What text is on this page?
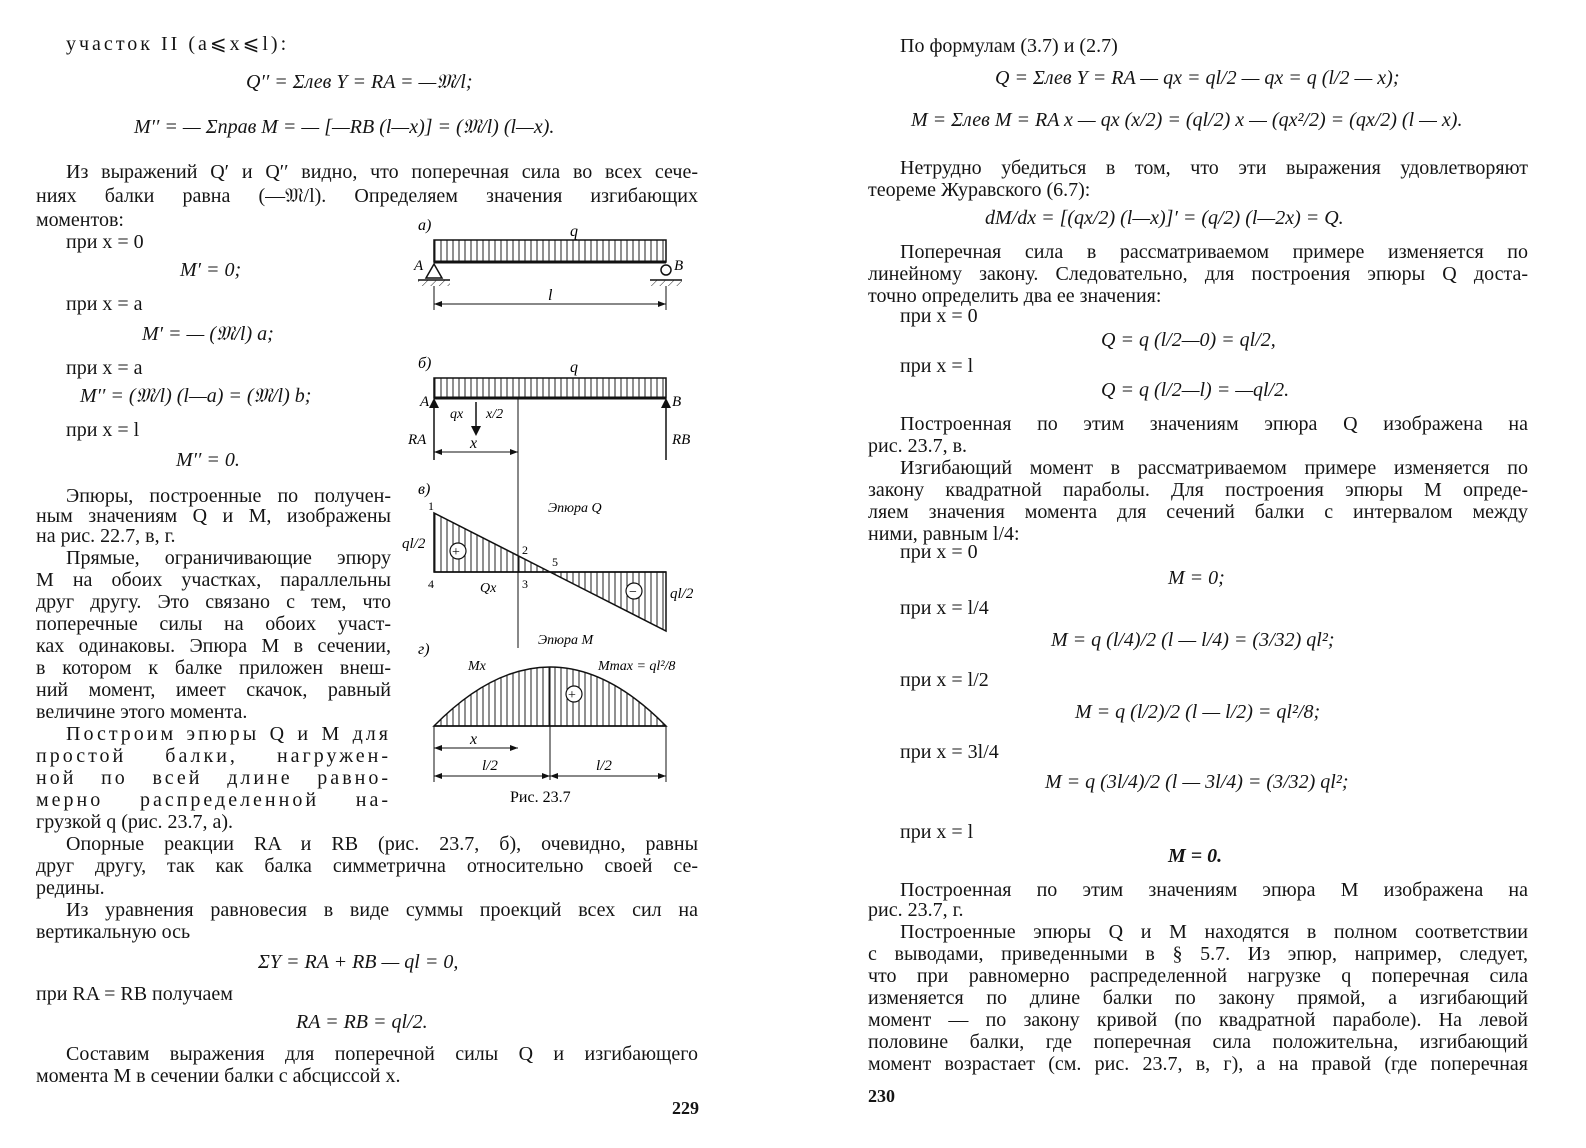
участок II (a⩽x⩽l):
Q′′ = Σлев Y = RA = —𝔐/l;
M′′ = — Σправ M = — [—RB (l—x)] = (𝔐/l) (l—x).
Из выражений Q′ и Q′′ видно, что поперечная сила во всех сече-
ниях балки равна (—𝔐/l). Определяем значения изгибающих
моментов:
при x = 0
M′ = 0;
при x = a
M′ = — (𝔐/l) a;
при x = a
M′′ = (𝔐/l) (l—a) = (𝔐/l) b;
при x = l
M′′ = 0.
Эпюры, построенные по получен-
ным значениям Q и M, изображены
на рис. 22.7, в, г.
Прямые, ограничивающие эпюру
M на обоих участках, параллельны
друг другу. Это связано с тем, что
поперечные силы на обоих участ-
ках одинаковы. Эпюра M в сечении,
в котором к балке приложен внеш-
ний момент, имеет скачок, равный
величине этого момента.
Построим эпюры Q и M для
простой балки, нагружен-
ной по всей длине равно-
мерно распределенной на-
грузкой q (рис. 23.7, а).
Опорные реакции RA и RB (рис. 23.7, б), очевидно, равны
друг другу, так как балка симметрична относительно своей се-
редины.
Из уравнения равновесия в виде суммы проекций всех сил на
вертикальную ось
ΣY = RA + RB — ql = 0,
при RA = RB получаем
RA = RB = ql/2.
Составим выражения для поперечной силы Q и изгибающего
момента M в сечении балки с абсциссой x.
229
а)	q
A	B
l
б)	q
A	B
RA	RB
qx x/2
x
в)
Эпюра Q
+
−
ql/2
ql/2
1
2
3
4
5
Qx
г)
Эпюра M
+
Mx	Mmax = ql²/8
x
l/2	l/2
Рис. 23.7
По формулам (3.7) и (2.7)
Q = Σлев Y = RA — qx = ql/2 — qx = q (l/2 — x);
M = Σлев M = RA x — qx (x/2) = (ql/2) x — (qx²/2) = (qx/2) (l — x).
Нетрудно убедиться в том, что эти выражения удовлетворяют
теореме Журавского (6.7):
dM/dx = [(qx/2) (l—x)]′ = (q/2) (l—2x) = Q.
Поперечная сила в рассматриваемом примере изменяется по
линейному закону. Следовательно, для построения эпюры Q доста-
точно определить два ее значения:
при x = 0
Q = q (l/2—0) = ql/2,
при x = l
Q = q (l/2—l) = —ql/2.
Построенная по этим значениям эпюра Q изображена на
рис. 23.7, в.
Изгибающий момент в рассматриваемом примере изменяется по
закону квадратной параболы. Для построения эпюры M опреде-
ляем значения момента для сечений балки с интервалом между
ними, равным l/4:
при x = 0
M = 0;
при x = l/4
M = q (l/4)/2 (l — l/4) = (3/32) ql²;
при x = l/2
M = q (l/2)/2 (l — l/2) = ql²/8;
при x = 3l/4
M = q (3l/4)/2 (l — 3l/4) = (3/32) ql²;
при x = l
M = 0.
Построенная по этим значениям эпюра M изображена на
рис. 23.7, г.
Построенные эпюры Q и M находятся в полном соответствии
с выводами, приведенными в § 5.7. Из эпюр, например, следует,
что при равномерно распределенной нагрузке q поперечная сила
изменяется по длине балки по закону прямой, а изгибающий
момент — по закону кривой (по квадратной параболе). На левой
половине балки, где поперечная сила положительна, изгибающий
момент возрастает (см. рис. 23.7, в, г), а на правой (где поперечная
230
